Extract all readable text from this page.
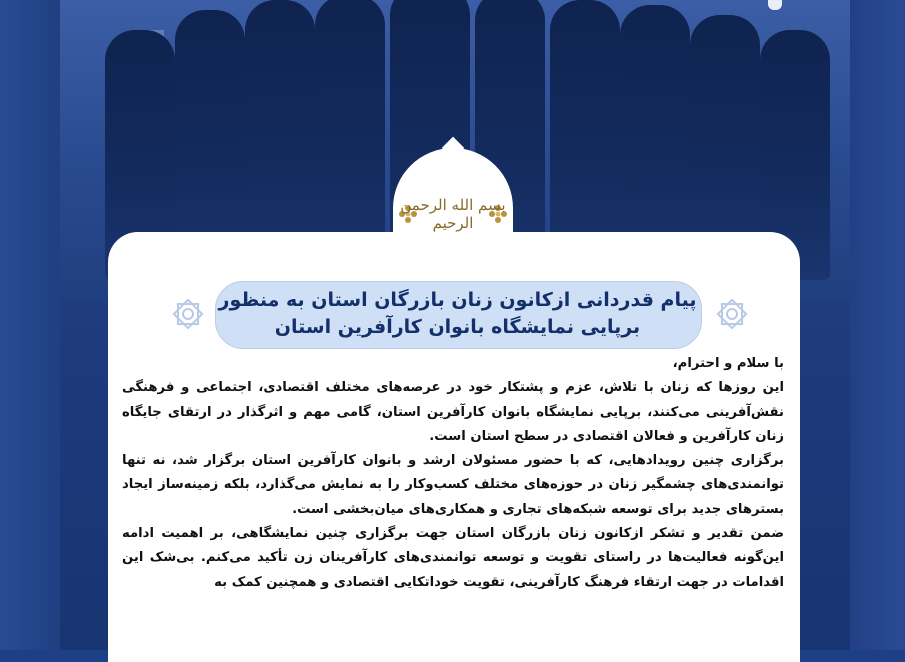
بسم الله الرحمن الرحیم
پیام قدردانی ازکانون زنان بازرگان استان به منظور
برپایی نمایشگاه بانوان کارآفرین استان

با سلام و احترام،

این روزها که زنان با تلاش، عزم و پشتکار خود در عرصه‌های مختلف اقتصادی، اجتماعی و فرهنگی نقش‌آفرینی می‌کنند، برپایی نمایشگاه بانوان کارآفرین استان، گامی مهم و اثرگذار در ارتقای جایگاه زنان کارآفرین و فعالان اقتصادی در سطح استان است.

برگزاری چنین رویدادهایی، که با حضور مسئولان ارشد و بانوان کارآفرین استان برگزار شد، نه تنها توانمندی‌های چشمگیر زنان در حوزه‌های مختلف کسب‌وکار را به نمایش می‌گذارد، بلکه زمینه‌ساز ایجاد بسترهای جدید برای توسعه شبکه‌های تجاری و همکاری‌های میان‌بخشی است.

ضمن تقدیر و تشکر ازکانون زنان بازرگان استان جهت برگزاری چنین نمایشگاهی، بر اهمیت ادامه این‌گونه فعالیت‌ها در راستای تقویت و توسعه توانمندی‌های کارآفرینان زن تأکید می‌کنم. بی‌شک این اقدامات در جهت ارتقاء فرهنگ کارآفرینی، تقویت خوداتکایی اقتصادی و همچنین کمک به
